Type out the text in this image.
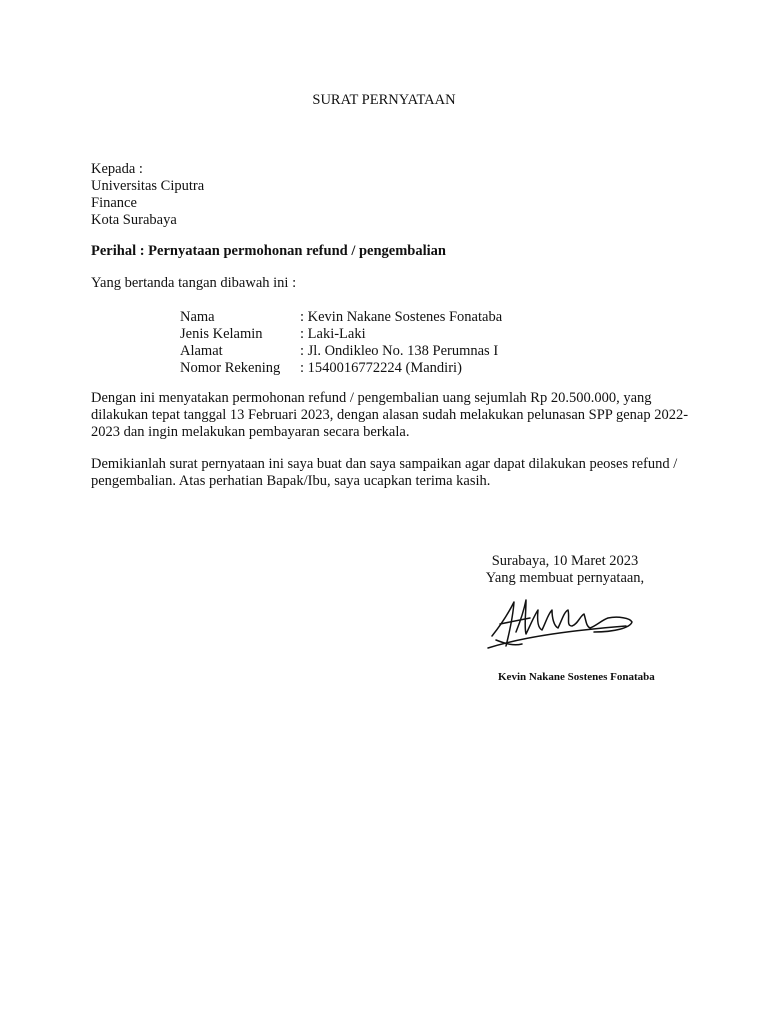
SURAT PERNYATAAN
Kepada :
Universitas Ciputra
Finance
Kota Surabaya
Perihal : Pernyataan permohonan refund / pengembalian
Yang bertanda tangan dibawah ini :
Nama	: Kevin Nakane Sostenes Fonataba
Jenis Kelamin	: Laki-Laki
Alamat	: Jl. Ondikleo No. 138 Perumnas I
Nomor Rekening	: 1540016772224 (Mandiri)
Dengan ini menyatakan permohonan refund / pengembalian uang sejumlah Rp 20.500.000, yang
dilakukan tepat tanggal 13 Februari 2023, dengan alasan sudah melakukan pelunasan SPP genap 2022-
2023 dan ingin melakukan pembayaran secara berkala.
Demikianlah surat pernyataan ini saya buat dan saya sampaikan agar dapat dilakukan peoses refund /
pengembalian. Atas perhatian Bapak/Ibu, saya ucapkan terima kasih.
Surabaya, 10 Maret 2023
Yang membuat pernyataan,
Kevin Nakane Sostenes Fonataba
